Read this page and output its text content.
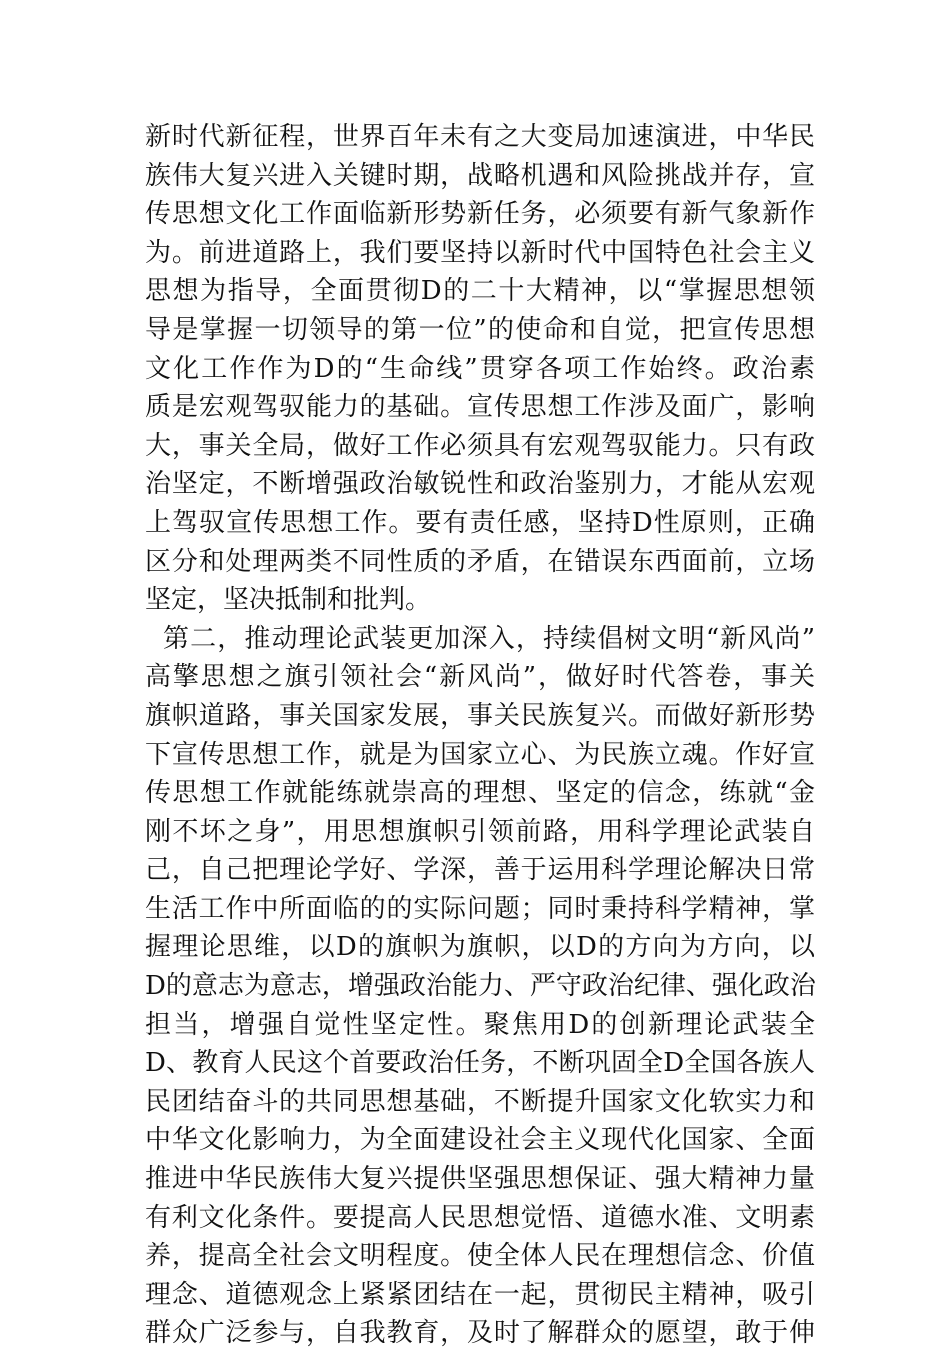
新时代新征程，世界百年未有之大变局加速演进，中华民
族伟大复兴进入关键时期，战略机遇和风险挑战并存，宣
传思想文化工作面临新形势新任务，必须要有新气象新作
为。前进道路上，我们要坚持以新时代中国特色社会主义
思想为指导，全面贯彻D的二十大精神，以“掌握思想领
导是掌握一切领导的第一位”的使命和自觉，把宣传思想
文化工作作为D的“生命线”贯穿各项工作始终。政治素
质是宏观驾驭能力的基础。宣传思想工作涉及面广，影响
大，事关全局，做好工作必须具有宏观驾驭能力。只有政
治坚定，不断增强政治敏锐性和政治鉴别力，才能从宏观
上驾驭宣传思想工作。要有责任感，坚持D性原则，正确
区分和处理两类不同性质的矛盾，在错误东西面前，立场
坚定，坚决抵制和批判。
第二，推动理论武装更加深入，持续倡树文明“新风尚”
高擎思想之旗引领社会“新风尚”，做好时代答卷，事关
旗帜道路，事关国家发展，事关民族复兴。而做好新形势
下宣传思想工作，就是为国家立心、为民族立魂。作好宣
传思想工作就能练就崇高的理想、坚定的信念，练就“金
刚不坏之身”，用思想旗帜引领前路，用科学理论武装自
己，自己把理论学好、学深，善于运用科学理论解决日常
生活工作中所面临的的实际问题；同时秉持科学精神，掌
握理论思维，以D的旗帜为旗帜，以D的方向为方向，以
D的意志为意志，增强政治能力、严守政治纪律、强化政治
担当，增强自觉性坚定性。聚焦用D的创新理论武装全
D、教育人民这个首要政治任务，不断巩固全D全国各族人
民团结奋斗的共同思想基础，不断提升国家文化软实力和
中华文化影响力，为全面建设社会主义现代化国家、全面
推进中华民族伟大复兴提供坚强思想保证、强大精神力量
有利文化条件。要提高人民思想觉悟、道德水准、文明素
养，提高全社会文明程度。使全体人民在理想信念、价值
理念、道德观念上紧紧团结在一起，贯彻民主精神，吸引
群众广泛参与，自我教育，及时了解群众的愿望，敢于伸
